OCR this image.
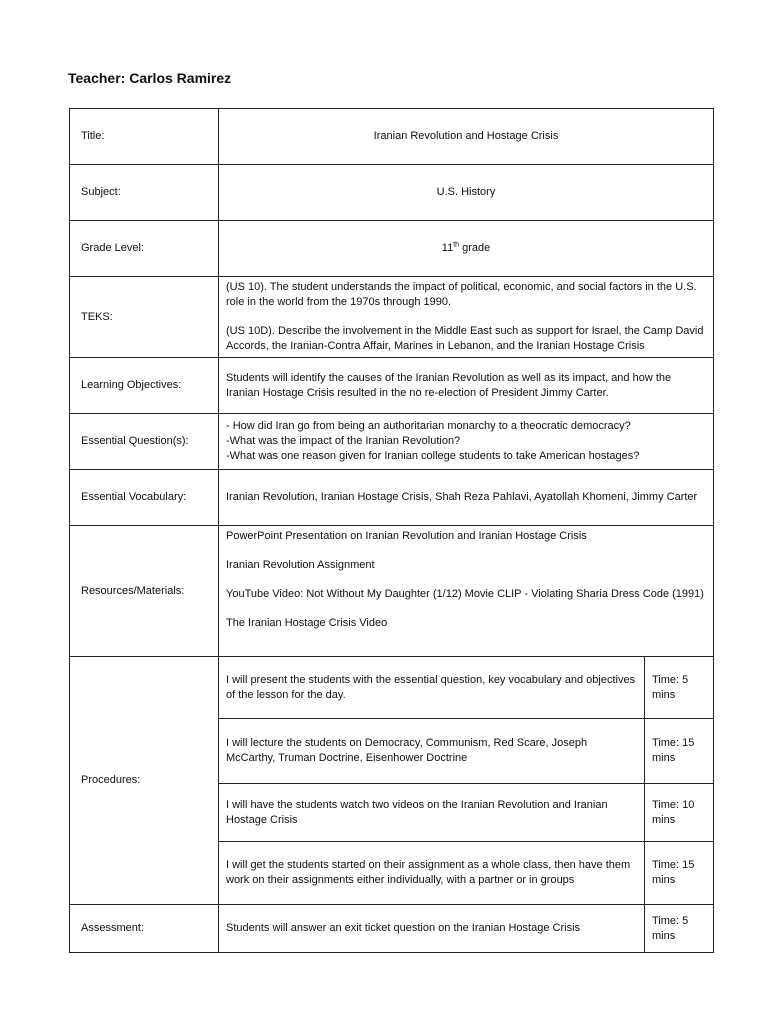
Teacher: Carlos Ramirez
Title:	Iranian Revolution and Hostage Crisis	
Subject:	U.S. History	
Grade Level:	11th grade	
TEKS:	(US 10). The student understands the impact of political, economic, and social factors in the U.S. role in the world from the 1970s through 1990.

(US 10D). Describe the involvement in the Middle East such as support for Israel, the Camp David Accords, the Iranian-Contra Affair, Marines in Lebanon, and the Iranian Hostage Crisis	

Learning Objectives:	Students will identify the causes of the Iranian Revolution as well as its impact, and how the Iranian Hostage Crisis resulted in the no re-election of President Jimmy Carter.	
Essential Question(s):	- How did Iran go from being an authoritarian monarchy to a theocratic democracy?
-What was the impact of the Iranian Revolution?
-What was one reason given for Iranian college students to take American hostages?	

Essential Vocabulary:	Iranian Revolution, Iranian Hostage Crisis, Shah Reza Pahlavi, Ayatollah Khomeni, Jimmy Carter	
Resources/Materials:	PowerPoint Presentation on Iranian Revolution and Iranian Hostage Crisis

Iranian Revolution Assignment

YouTube Video: Not Without My Daughter (1/12) Movie CLIP - Violating Sharia Dress Code (1991)

The Iranian Hostage Crisis Video	

Procedures:	I will present the students with the essential question, key vocabulary and objectives of the lesson for the day.	Time: 5 mins
	I will lecture the students on Democracy, Communism, Red Scare, Joseph McCarthy, Truman Doctrine, Eisenhower Doctrine	Time: 15 mins
	I will have the students watch two videos on the Iranian Revolution and Iranian Hostage Crisis	Time: 10 mins
	I will get the students started on their assignment as a whole class, then have them work on their assignments either individually, with a partner or in groups	Time: 15 mins
Assessment:	Students will answer an exit ticket question on the Iranian Hostage Crisis	Time: 5 mins
